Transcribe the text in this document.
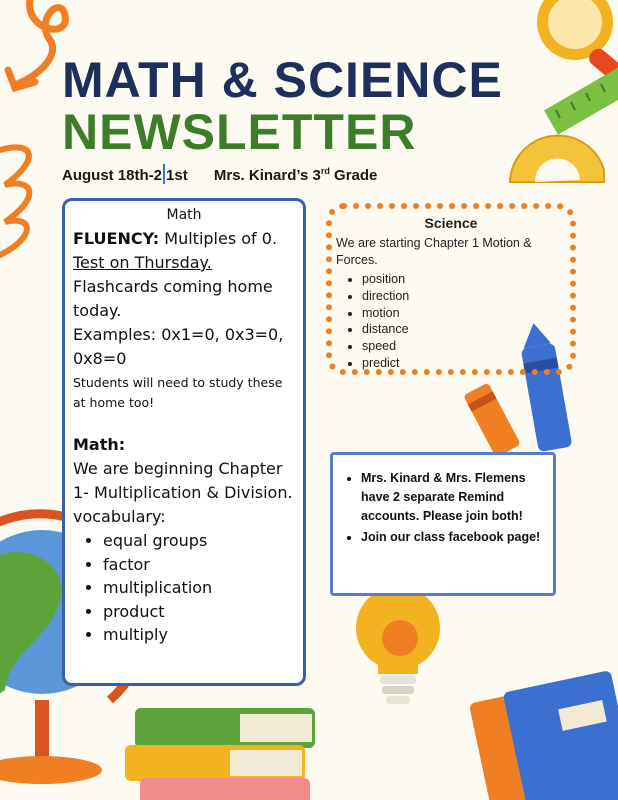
MATH & SCIENCE
NEWSLETTER
August 18th-2 1st Mrs. Kinard’s 3rd Grade
Math
FLUENCY: Multiples of 0.
Test on Thursday.
Flashcards coming home today.
Examples: 0x1=0, 0x3=0, 0x8=0
Students will need to study these at home too!
Math:
We are beginning Chapter 1- Multiplication & Division.
vocabulary:
• equal groups
• factor
• multiplication
• product
• multiply
Science
We are starting Chapter 1 Motion & Forces.
• position
• direction
• motion
• distance
• speed
• predict
• Mrs. Kinard & Mrs. Flemens have 2 separate Remind accounts. Please join both!
• Join our class facebook page!
